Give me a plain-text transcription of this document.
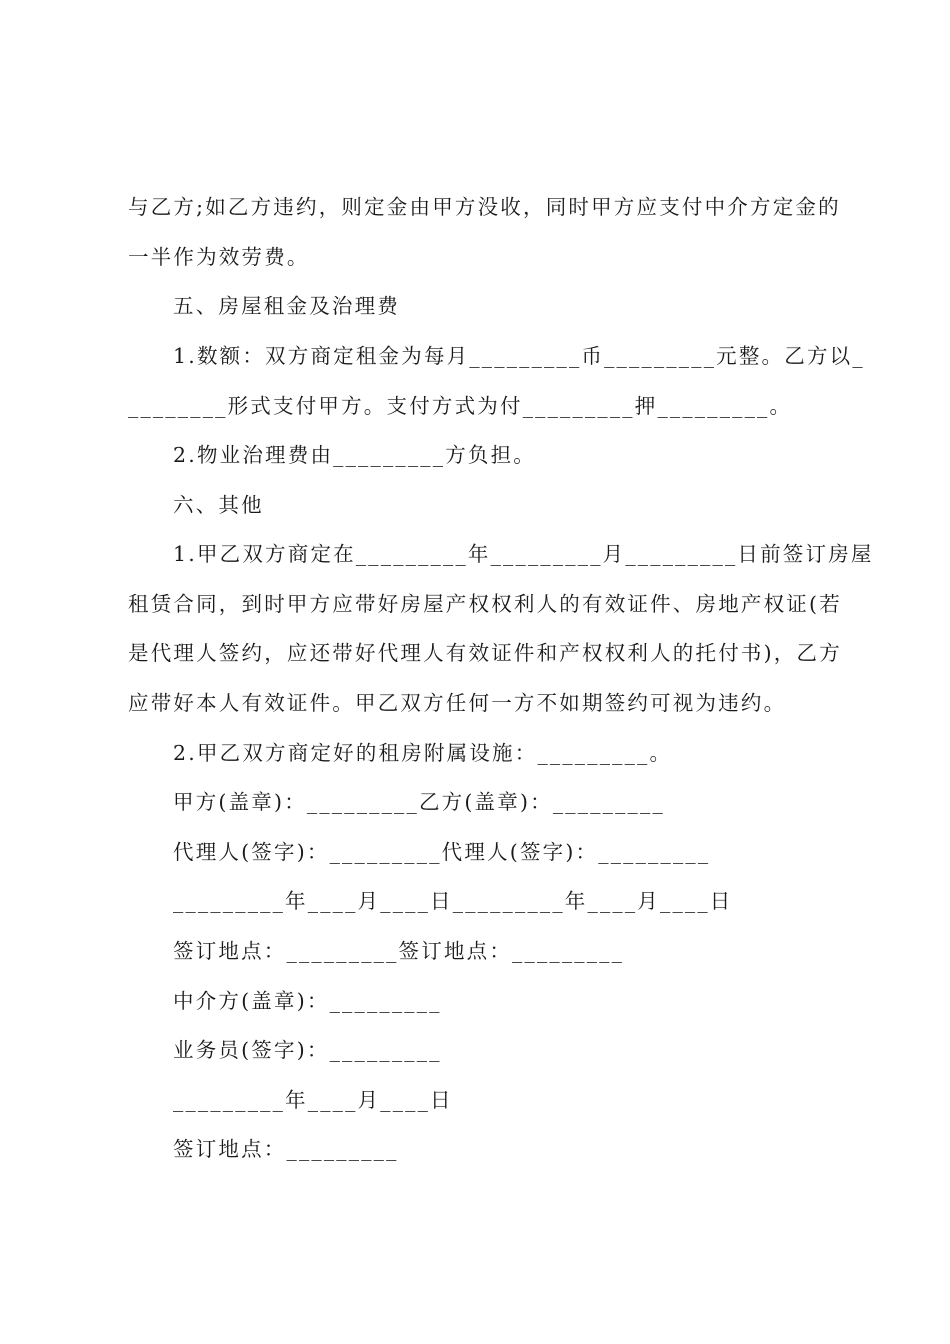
与乙方;如乙方违约，则定金由甲方没收，同时甲方应支付中介方定金的
一半作为效劳费。
五、房屋租金及治理费
1.数额：双方商定租金为每月_________币_________元整。乙方以_
________形式支付甲方。支付方式为付_________押_________。
2.物业治理费由_________方负担。
六、其他
1.甲乙双方商定在_________年_________月_________日前签订房屋
租赁合同，到时甲方应带好房屋产权权利人的有效证件、房地产权证(若
是代理人签约，应还带好代理人有效证件和产权权利人的托付书)，乙方
应带好本人有效证件。甲乙双方任何一方不如期签约可视为违约。
2.甲乙双方商定好的租房附属设施：_________。
甲方(盖章)：_________乙方(盖章)：_________
代理人(签字)：_________代理人(签字)：_________
_________年____月____日_________年____月____日
签订地点：_________签订地点：_________
中介方(盖章)：_________
业务员(签字)：_________
_________年____月____日
签订地点：_________
